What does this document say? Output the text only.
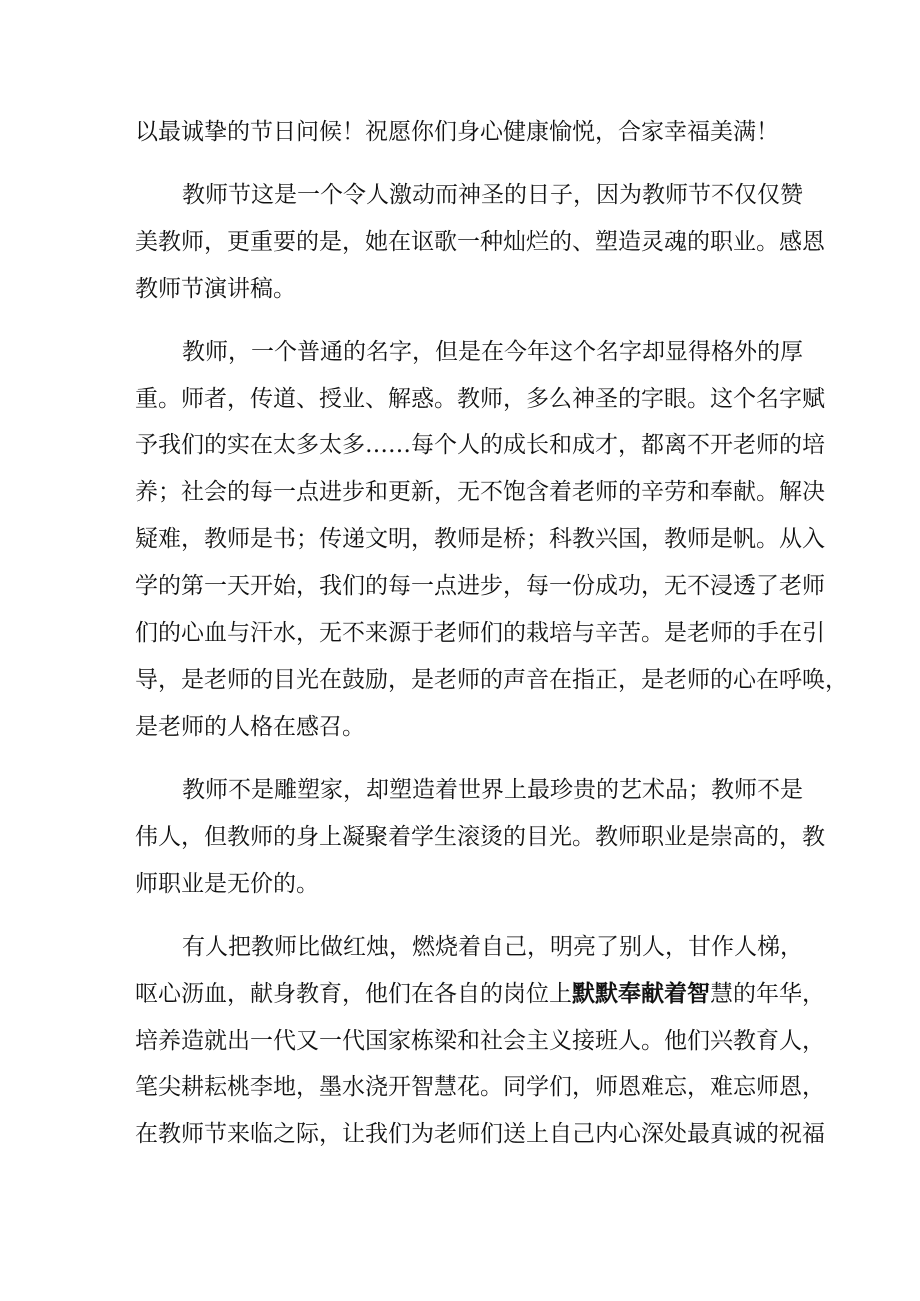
以最诚挚的节日问候！祝愿你们身心健康愉悦，合家幸福美满！
教师节这是一个令人激动而神圣的日子，因为教师节不仅仅赞
美教师，更重要的是，她在讴歌一种灿烂的、塑造灵魂的职业。感恩
教师节演讲稿。
教师，一个普通的名字，但是在今年这个名字却显得格外的厚
重。师者，传道、授业、解惑。教师，多么神圣的字眼。这个名字赋
予我们的实在太多太多……每个人的成长和成才，都离不开老师的培
养；社会的每一点进步和更新，无不饱含着老师的辛劳和奉献。解决
疑难，教师是书；传递文明，教师是桥；科教兴国，教师是帆。从入
学的第一天开始，我们的每一点进步，每一份成功，无不浸透了老师
们的心血与汗水，无不来源于老师们的栽培与辛苦。是老师的手在引
导，是老师的目光在鼓励，是老师的声音在指正，是老师的心在呼唤，
是老师的人格在感召。
教师不是雕塑家，却塑造着世界上最珍贵的艺术品；教师不是
伟人，但教师的身上凝聚着学生滚烫的目光。教师职业是崇高的，教
师职业是无价的。
有人把教师比做红烛，燃烧着自己，明亮了别人，甘作人梯，
呕心沥血，献身教育，他们在各自的岗位上默默奉献着智慧的年华，
培养造就出一代又一代国家栋梁和社会主义接班人。他们兴教育人，
笔尖耕耘桃李地，墨水浇开智慧花。同学们，师恩难忘，难忘师恩，
在教师节来临之际，让我们为老师们送上自己内心深处最真诚的祝福
